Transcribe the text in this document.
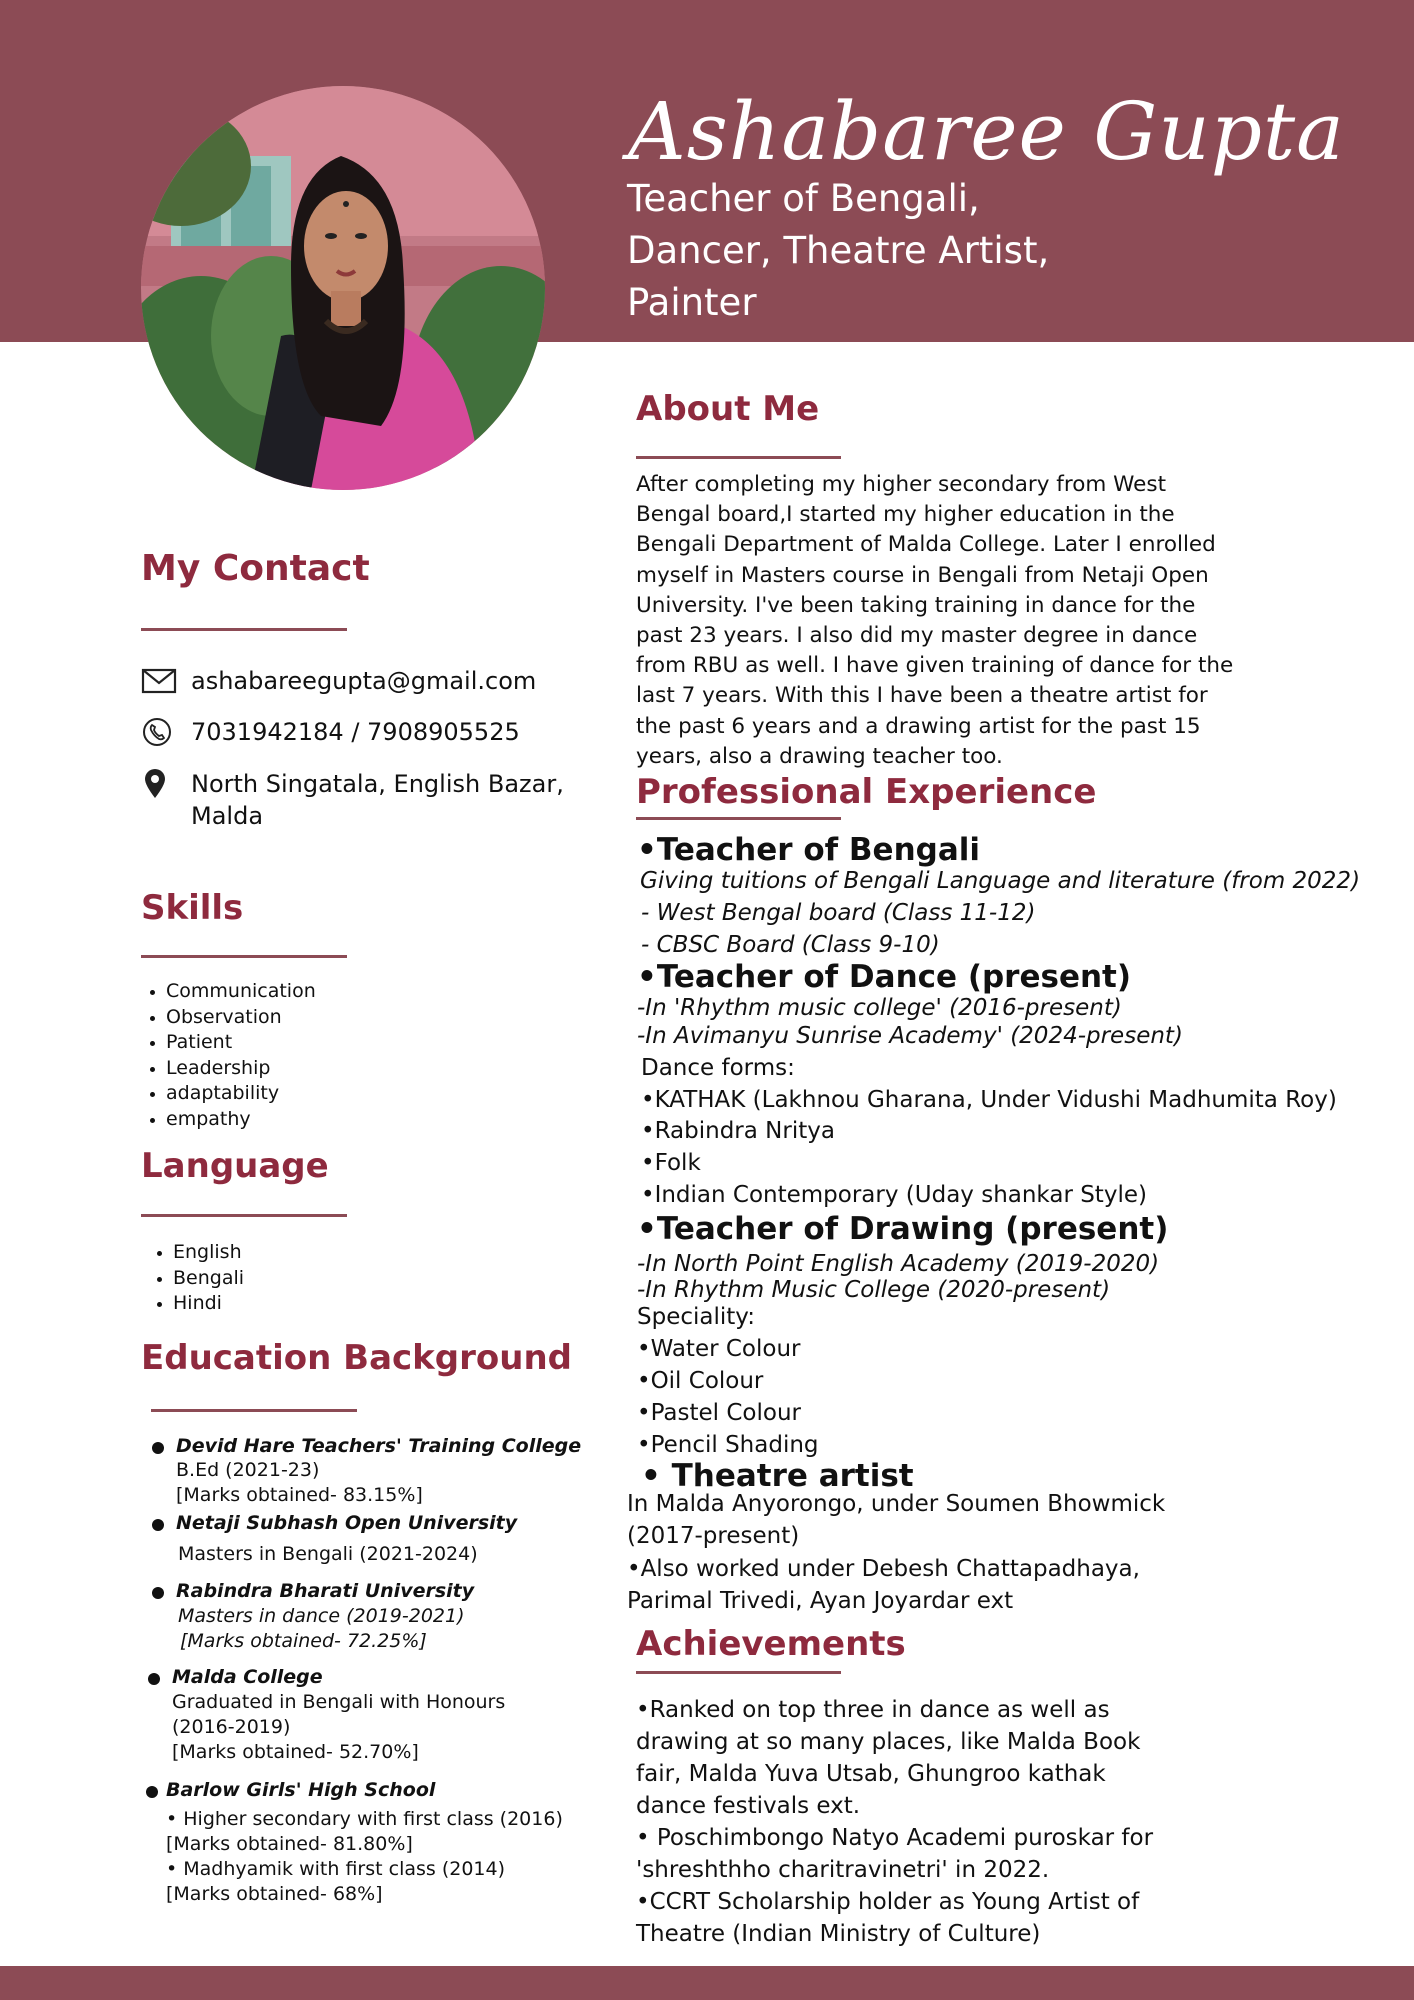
Ashabaree Gupta
Teacher of Bengali,
Dancer, Theatre Artist,
Painter
My Contact
ashabareegupta@gmail.com
7031942184 / 7908905525
North Singatala, English Bazar,
Malda
Skills
Communication
Observation
Patient
Leadership
adaptability
empathy
Language
English
Bengali
Hindi
Education Background
Devid Hare Teachers' Training College
B.Ed (2021-23)
[Marks obtained- 83.15%]
Netaji Subhash Open University
Masters in Bengali (2021-2024)
Rabindra Bharati University
Masters in dance (2019-2021)
[Marks obtained- 72.25%]
Malda College
Graduated in Bengali with Honours
(2016-2019)
[Marks obtained- 52.70%]
Barlow Girls' High School
• Higher secondary with first class (2016)
[Marks obtained- 81.80%]
• Madhyamik with first class (2014)
[Marks obtained- 68%]
About Me
After completing my higher secondary from West
Bengal board,I started my higher education in the
Bengali Department of Malda College. Later I enrolled
myself in Masters course in Bengali from Netaji Open
University. I've been taking training in dance for the
past 23 years. I also did my master degree in dance
from RBU as well. I have given training of dance for the
last 7 years. With this I have been a theatre artist for
the past 6 years and a drawing artist for the past 15
years, also a drawing teacher too.
Professional Experience
•Teacher of Bengali
Giving tuitions of Bengali Language and literature (from 2022)
- West Bengal board (Class 11-12)
- CBSC Board (Class 9-10)
•Teacher of Dance (present)
-In 'Rhythm music college' (2016-present)
-In Avimanyu Sunrise Academy' (2024-present)
Dance forms:
•KATHAK (Lakhnou Gharana, Under Vidushi Madhumita Roy)
•Rabindra Nritya
•Folk
•Indian Contemporary (Uday shankar Style)
•Teacher of Drawing (present)
-In North Point English Academy (2019-2020)
-In Rhythm Music College (2020-present)
Speciality:
•Water Colour
•Oil Colour
•Pastel Colour
•Pencil Shading
• Theatre artist
In Malda Anyorongo, under Soumen Bhowmick
(2017-present)
•Also worked under Debesh Chattapadhaya,
Parimal Trivedi, Ayan Joyardar ext
Achievements
•Ranked on top three in dance as well as
drawing at so many places, like Malda Book
fair, Malda Yuva Utsab, Ghungroo kathak
dance festivals ext.
• Poschimbongo Natyo Academi puroskar for
'shreshthho charitravinetri' in 2022.
•CCRT Scholarship holder as Young Artist of
Theatre (Indian Ministry of Culture)
